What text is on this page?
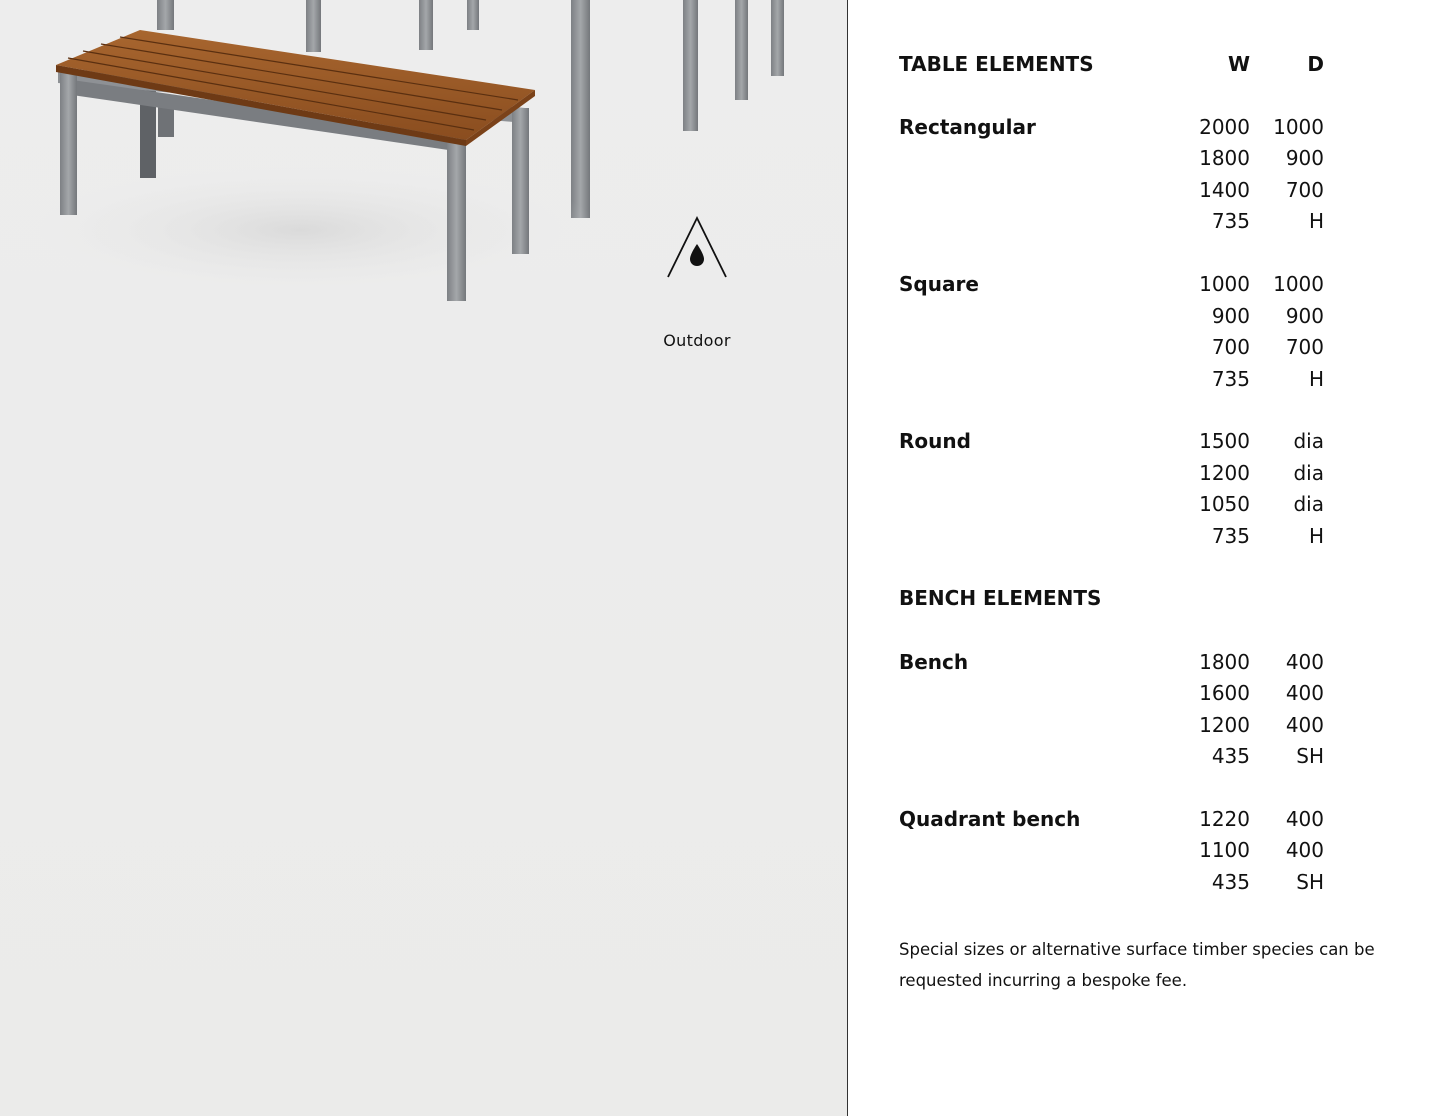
Outdoor
TABLE ELEMENTS	W	D
Rectangular	2000 1000
1800 900
1400 700
735	H
Square	1000 1000
900 900
700 700
735	H
Round	1500 dia
1200 dia
1050 dia
735	H
BENCH ELEMENTS
Bench	1800 400
1600 400
1200 400
435 SH
Quadrant bench	1220 400
1100 400
435 SH
Special sizes or alternative surface timber species can be requested incurring a bespoke fee.
